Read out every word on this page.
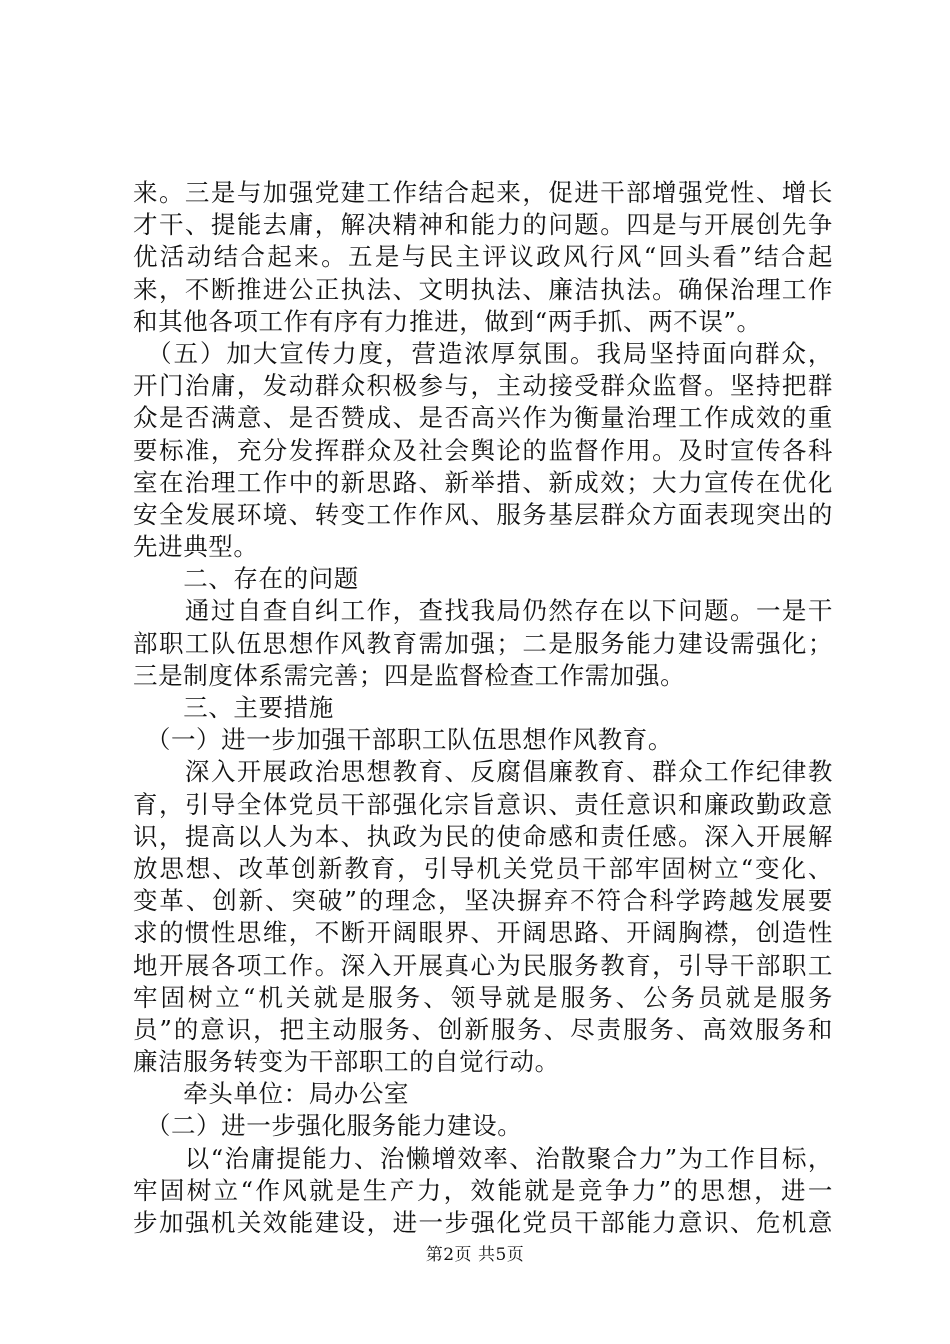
来。三是与加强党建工作结合起来，促进干部增强党性、增长
才干、提能去庸，解决精神和能力的问题。四是与开展创先争
优活动结合起来。五是与民主评议政风行风“回头看”结合起
来，不断推进公正执法、文明执法、廉洁执法。确保治理工作
和其他各项工作有序有力推进，做到“两手抓、两不误”。
　（五）加大宣传力度，营造浓厚氛围。我局坚持面向群众，
开门治庸，发动群众积极参与，主动接受群众监督。坚持把群
众是否满意、是否赞成、是否高兴作为衡量治理工作成效的重
要标准，充分发挥群众及社会舆论的监督作用。及时宣传各科
室在治理工作中的新思路、新举措、新成效；大力宣传在优化
安全发展环境、转变工作作风、服务基层群众方面表现突出的
先进典型。
　　二、存在的问题
　　通过自查自纠工作，查找我局仍然存在以下问题。一是干
部职工队伍思想作风教育需加强；二是服务能力建设需强化；
三是制度体系需完善；四是监督检查工作需加强。
　　三、主要措施
　（一）进一步加强干部职工队伍思想作风教育。
　　深入开展政治思想教育、反腐倡廉教育、群众工作纪律教
育，引导全体党员干部强化宗旨意识、责任意识和廉政勤政意
识，提高以人为本、执政为民的使命感和责任感。深入开展解
放思想、改革创新教育，引导机关党员干部牢固树立“变化、
变革、创新、突破”的理念，坚决摒弃不符合科学跨越发展要
求的惯性思维，不断开阔眼界、开阔思路、开阔胸襟，创造性
地开展各项工作。深入开展真心为民服务教育，引导干部职工
牢固树立“机关就是服务、领导就是服务、公务员就是服务
员”的意识，把主动服务、创新服务、尽责服务、高效服务和
廉洁服务转变为干部职工的自觉行动。
　　牵头单位：局办公室
　（二）进一步强化服务能力建设。
　　以“治庸提能力、治懒增效率、治散聚合力”为工作目标，
牢固树立“作风就是生产力，效能就是竞争力”的思想，进一
步加强机关效能建设，进一步强化党员干部能力意识、危机意
第2页 共5页
